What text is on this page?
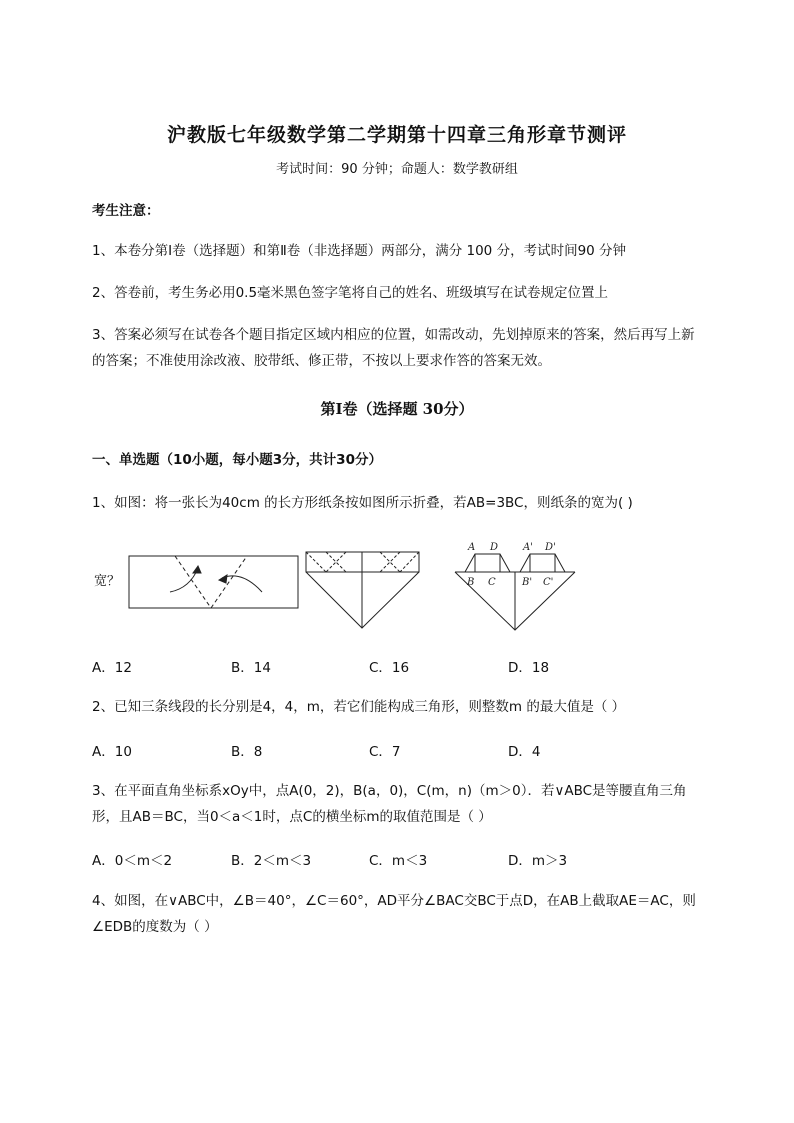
沪教版七年级数学第二学期第十四章三角形章节测评
考试时间：90 分钟；命题人：数学教研组
考生注意：
1、本卷分第Ⅰ卷（选择题）和第Ⅱ卷（非选择题）两部分，满分 100 分，考试时间90 分钟
2、答卷前，考生务必用0.5毫米黑色签字笔将自己的姓名、班级填写在试卷规定位置上
3、答案必须写在试卷各个题目指定区域内相应的位置，如需改动，先划掉原来的答案，然后再写上新
的答案；不准使用涂改液、胶带纸、修正带，不按以上要求作答的答案无效。
第Ⅰ卷（选择题 30分）
一、单选题（10小题，每小题3分，共计30分）
1、如图：将一张长为40cm 的长方形纸条按如图所示折叠，若AB=3BC，则纸条的宽为( )
宽？
A D
B C
A' D'
B' C'
A．12	B．14	C．16	D．18
2、已知三条线段的长分别是4，4，m，若它们能构成三角形，则整数m 的最大值是（ ）
A．10	B．8	C．7	D．4
3、在平面直角坐标系xOy中，点A(0，2)，B(a，0)，C(m，n)（m＞0）．若∨ABC是等腰直角三角
形，且AB＝BC，当0＜a＜1时，点C的横坐标m的取值范围是（ ）
A．0＜m＜2	B．2＜m＜3	C．m＜3	D．m＞3
4、如图，在∨ABC中，∠B＝40°，∠C＝60°，AD平分∠BAC交BC于点D，在AB上截取AE＝AC，则
∠EDB的度数为（ ）
